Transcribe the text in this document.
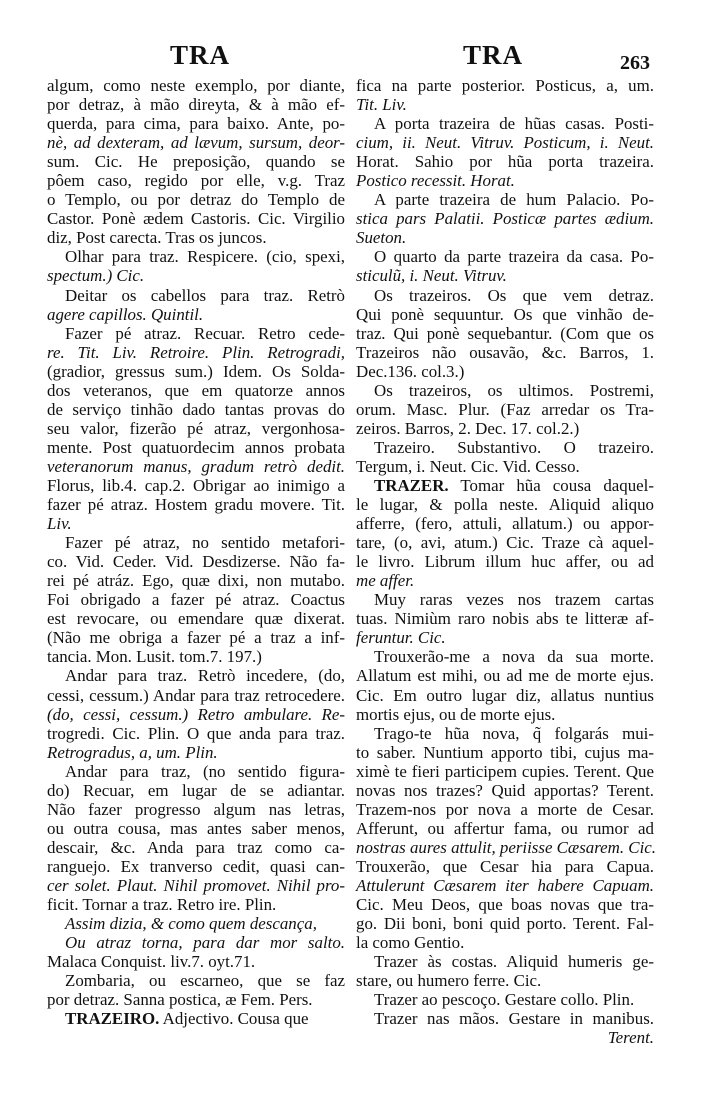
TRA	TRA	263
algum, como neste exemplo, por diante,
por detraz, à mão direyta, & à mão ef-
querda, para cima, para baixo. Ante, po-
nè, ad dexteram, ad lævum, sursum, deor-
sum. Cic. He preposição, quando se
pôem caso, regido por elle, v.g. Traz
o Templo, ou por detraz do Templo de
Castor. Ponè ædem Castoris. Cic. Virgilio
diz, Post carecta. Tras os juncos.
Olhar para traz. Respicere. (cio, spexi,
spectum.) Cic.
Deitar os cabellos para traz. Retrò
agere capillos. Quintil.
Fazer pé atraz. Recuar. Retro cede-
re. Tit. Liv. Retroire. Plin. Retrogradi,
(gradior, gressus sum.) Idem. Os Solda-
dos veteranos, que em quatorze annos
de serviço tinhão dado tantas provas do
seu valor, fizerão pé atraz, vergonhosa-
mente. Post quatuordecim annos probata
veteranorum manus, gradum retrò dedit.
Florus, lib.4. cap.2. Obrigar ao inimigo a
fazer pé atraz. Hostem gradu movere. Tit.
Liv.
Fazer pé atraz, no sentido metafori-
co. Vid. Ceder. Vid. Desdizerse. Não fa-
rei pé atráz. Ego, quæ dixi, non mutabo.
Foi obrigado a fazer pé atraz. Coactus
est revocare, ou emendare quæ dixerat.
(Não me obriga a fazer pé a traz a inf-
tancia. Mon. Lusit. tom.7. 197.)
Andar para traz. Retrò incedere, (do,
cessi, cessum.) Andar para traz retrocedere.
(do, cessi, cessum.) Retro ambulare. Re-
trogredi. Cic. Plin. O que anda para traz.
Retrogradus, a, um. Plin.
Andar para traz, (no sentido figura-
do) Recuar, em lugar de se adiantar.
Não fazer progresso algum nas letras,
ou outra cousa, mas antes saber menos,
descair, &c. Anda para traz como ca-
ranguejo. Ex tranverso cedit, quasi can-
cer solet. Plaut. Nihil promovet. Nihil pro-
ficit. Tornar a traz. Retro ire. Plin.
Assim dizia, & como quem descança,
Ou atraz torna, para dar mor salto.
Malaca Conquist. liv.7. oyt.71.
Zombaria, ou escarneo, que se faz
por detraz. Sanna postica, æ Fem. Pers.
TRAZEIRO. Adjectivo. Cousa que
fica na parte posterior. Posticus, a, um.
Tit. Liv.
A porta trazeira de hũas casas. Posti-
cium, ii. Neut. Vitruv. Posticum, i. Neut.
Horat. Sahio por hũa porta trazeira.
Postico recessit. Horat.
A parte trazeira de hum Palacio. Po-
stica pars Palatii. Posticæ partes ædium.
Sueton.
O quarto da parte trazeira da casa. Po-
sticulũ, i. Neut. Vitruv.
Os trazeiros. Os que vem detraz.
Qui ponè sequuntur. Os que vinhão de-
traz. Qui ponè sequebantur. (Com que os
Trazeiros não ousavão, &c. Barros, 1.
Dec.136. col.3.)
Os trazeiros, os ultimos. Postremi,
orum. Masc. Plur. (Faz arredar os Tra-
zeiros. Barros, 2. Dec. 17. col.2.)
Trazeiro. Substantivo. O trazeiro.
Tergum, i. Neut. Cic. Vid. Cesso.
TRAZER. Tomar hũa cousa daquel-
le lugar, & polla neste. Aliquid aliquo
afferre, (fero, attuli, allatum.) ou appor-
tare, (o, avi, atum.) Cic. Traze cà aquel-
le livro. Librum illum huc affer, ou ad
me affer.
Muy raras vezes nos trazem cartas
tuas. Nimiùm raro nobis abs te litteræ af-
feruntur. Cic.
Trouxerão-me a nova da sua morte.
Allatum est mihi, ou ad me de morte ejus.
Cic. Em outro lugar diz, allatus nuntius
mortis ejus, ou de morte ejus.
Trago-te hũa nova, q̃ folgarás mui-
to saber. Nuntium apporto tibi, cujus ma-
ximè te fieri participem cupies. Terent. Que
novas nos trazes? Quid apportas? Terent.
Trazem-nos por nova a morte de Cesar.
Afferunt, ou affertur fama, ou rumor ad
nostras aures attulit, periisse Cæsarem. Cic.
Trouxerão, que Cesar hia para Capua.
Attulerunt Cæsarem iter habere Capuam.
Cic. Meu Deos, que boas novas que tra-
go. Dii boni, boni quid porto. Terent. Fal-
la como Gentio.
Trazer às costas. Aliquid humeris ge-
stare, ou humero ferre. Cic.
Trazer ao pescoço. Gestare collo. Plin.
Trazer nas mãos. Gestare in manibus.
Terent.
